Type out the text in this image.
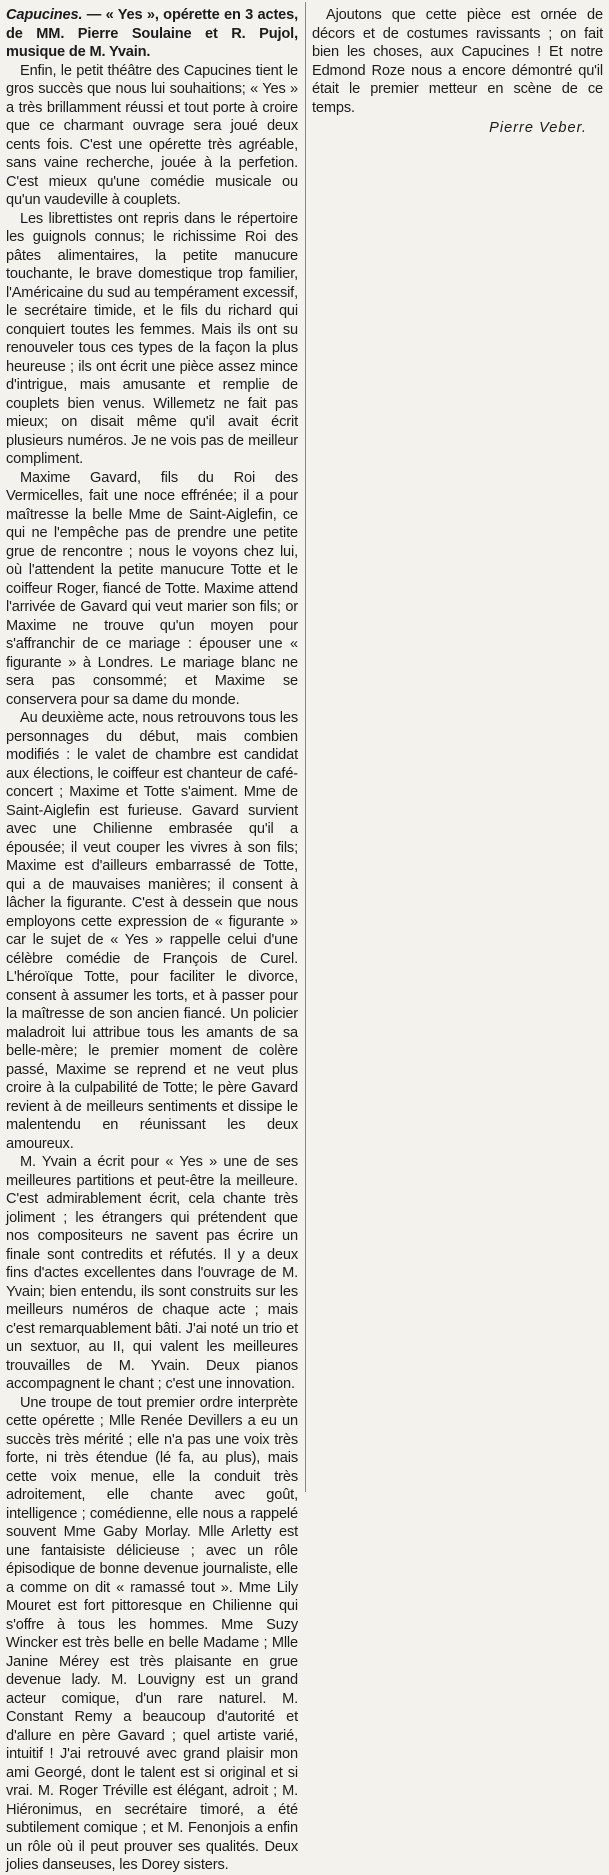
Capucines. — « Yes », opérette en 3 actes, de MM. Pierre Soulaine et R. Pujol, musique de M. Yvain.

Enfin, le petit théâtre des Capucines tient le gros succès que nous lui souhaitions; « Yes » a très brillamment réussi et tout porte à croire que ce charmant ouvrage sera joué deux cents fois. C'est une opérette très agréable, sans vaine recherche, jouée à la perfetion. C'est mieux qu'une comédie musicale ou qu'un vaudeville à couplets.

Les librettistes ont repris dans le répertoire les guignols connus; le richissime Roi des pâtes alimentaires, la petite manucure touchante, le brave domestique trop familier, l'Américaine du sud au tempérament excessif, le secrétaire timide, et le fils du richard qui conquiert toutes les femmes. Mais ils ont su renouveler tous ces types de la façon la plus heureuse ; ils ont écrit une pièce assez mince d'intrigue, mais amusante et remplie de couplets bien venus. Willemetz ne fait pas mieux; on disait même qu'il avait écrit plusieurs numéros. Je ne vois pas de meilleur compliment.

Maxime Gavard, fils du Roi des Vermicelles, fait une noce effrénée; il a pour maîtresse la belle Mme de Saint-Aiglefin, ce qui ne l'empêche pas de prendre une petite grue de rencontre ; nous le voyons chez lui, où l'attendent la petite manucure Totte et le coiffeur Roger, fiancé de Totte. Maxime attend l'arrivée de Gavard qui veut marier son fils; or Maxime ne trouve qu'un moyen pour s'affranchir de ce mariage : épouser une « figurante » à Londres. Le mariage blanc ne sera pas consommé; et Maxime se conservera pour sa dame du monde.

Au deuxième acte, nous retrouvons tous les personnages du début, mais combien modifiés : le valet de chambre est candidat aux élections, le coiffeur est chanteur de café-concert ; Maxime et Totte s'aiment. Mme de Saint-Aiglefin est furieuse. Gavard survient avec une Chilienne embrasée qu'il a épousée; il veut couper les vivres à son fils; Maxime est d'ailleurs embarrassé de Totte, qui a de mauvaises manières; il consent à lâcher la figurante. C'est à dessein que nous employons cette expression de « figurante » car le sujet de « Yes » rappelle celui d'une célèbre comédie de François de Curel. L'héroïque Totte, pour faciliter le divorce, consent à assumer les torts, et à passer pour la maîtresse de son ancien fiancé. Un policier maladroit lui attribue tous les amants de sa belle-mère; le premier moment de colère passé, Maxime se reprend et ne veut plus croire à la culpabilité de Totte; le père Gavard revient à de meilleurs sentiments et dissipe le malentendu en réunissant les deux amoureux.

M. Yvain a écrit pour « Yes » une de ses meilleures partitions et peut-être la meilleure. C'est admirablement écrit, cela chante très joliment ; les étrangers qui prétendent que nos compositeurs ne savent pas écrire un finale sont contredits et réfutés. Il y a deux fins d'actes excellentes dans l'ouvrage de M. Yvain; bien entendu, ils sont construits sur les meilleurs numéros de chaque acte ; mais c'est remarquablement bâti. J'ai noté un trio et un sextuor, au II, qui valent les meilleures trouvailles de M. Yvain. Deux pianos accompagnent le chant ; c'est une innovation.

Une troupe de tout premier ordre interprète cette opérette ; Mlle Renée Devillers a eu un succès très mérité ; elle n'a pas une voix très forte, ni très étendue (lé fa, au plus), mais cette voix menue, elle la conduit très adroitement, elle chante avec goût, intelligence ; comédienne, elle nous a rappelé souvent Mme Gaby Morlay. Mlle Arletty est une fantaisiste délicieuse ; avec un rôle épisodique de bonne devenue journaliste, elle a comme on dit « ramassé tout ». Mme Lily Mouret est fort pittoresque en Chilienne qui s'offre à tous les hommes. Mme Suzy Wincker est très belle en belle Madame ; Mlle Janine Mérey est très plaisante en grue devenue lady. M. Louvigny est un grand acteur comique, d'un rare naturel. M. Constant Remy a beaucoup d'autorité et d'allure en père Gavard ; quel artiste varié, intuitif ! J'ai retrouvé avec grand plaisir mon ami Georgé, dont le talent est si original et si vrai. M. Roger Tréville est élégant, adroit ; M. Hiéronimus, en secrétaire timoré, a été subtilement comique ; et M. Fenonjois a enfin un rôle où il peut prouver ses qualités. Deux jolies danseuses, les Dorey sisters.

Ajoutons que cette pièce est ornée de décors et de costumes ravissants ; on fait bien les choses, aux Capucines ! Et notre Edmond Roze nous a encore démontré qu'il était le premier metteur en scène de ce temps.

Pierre Veber.
